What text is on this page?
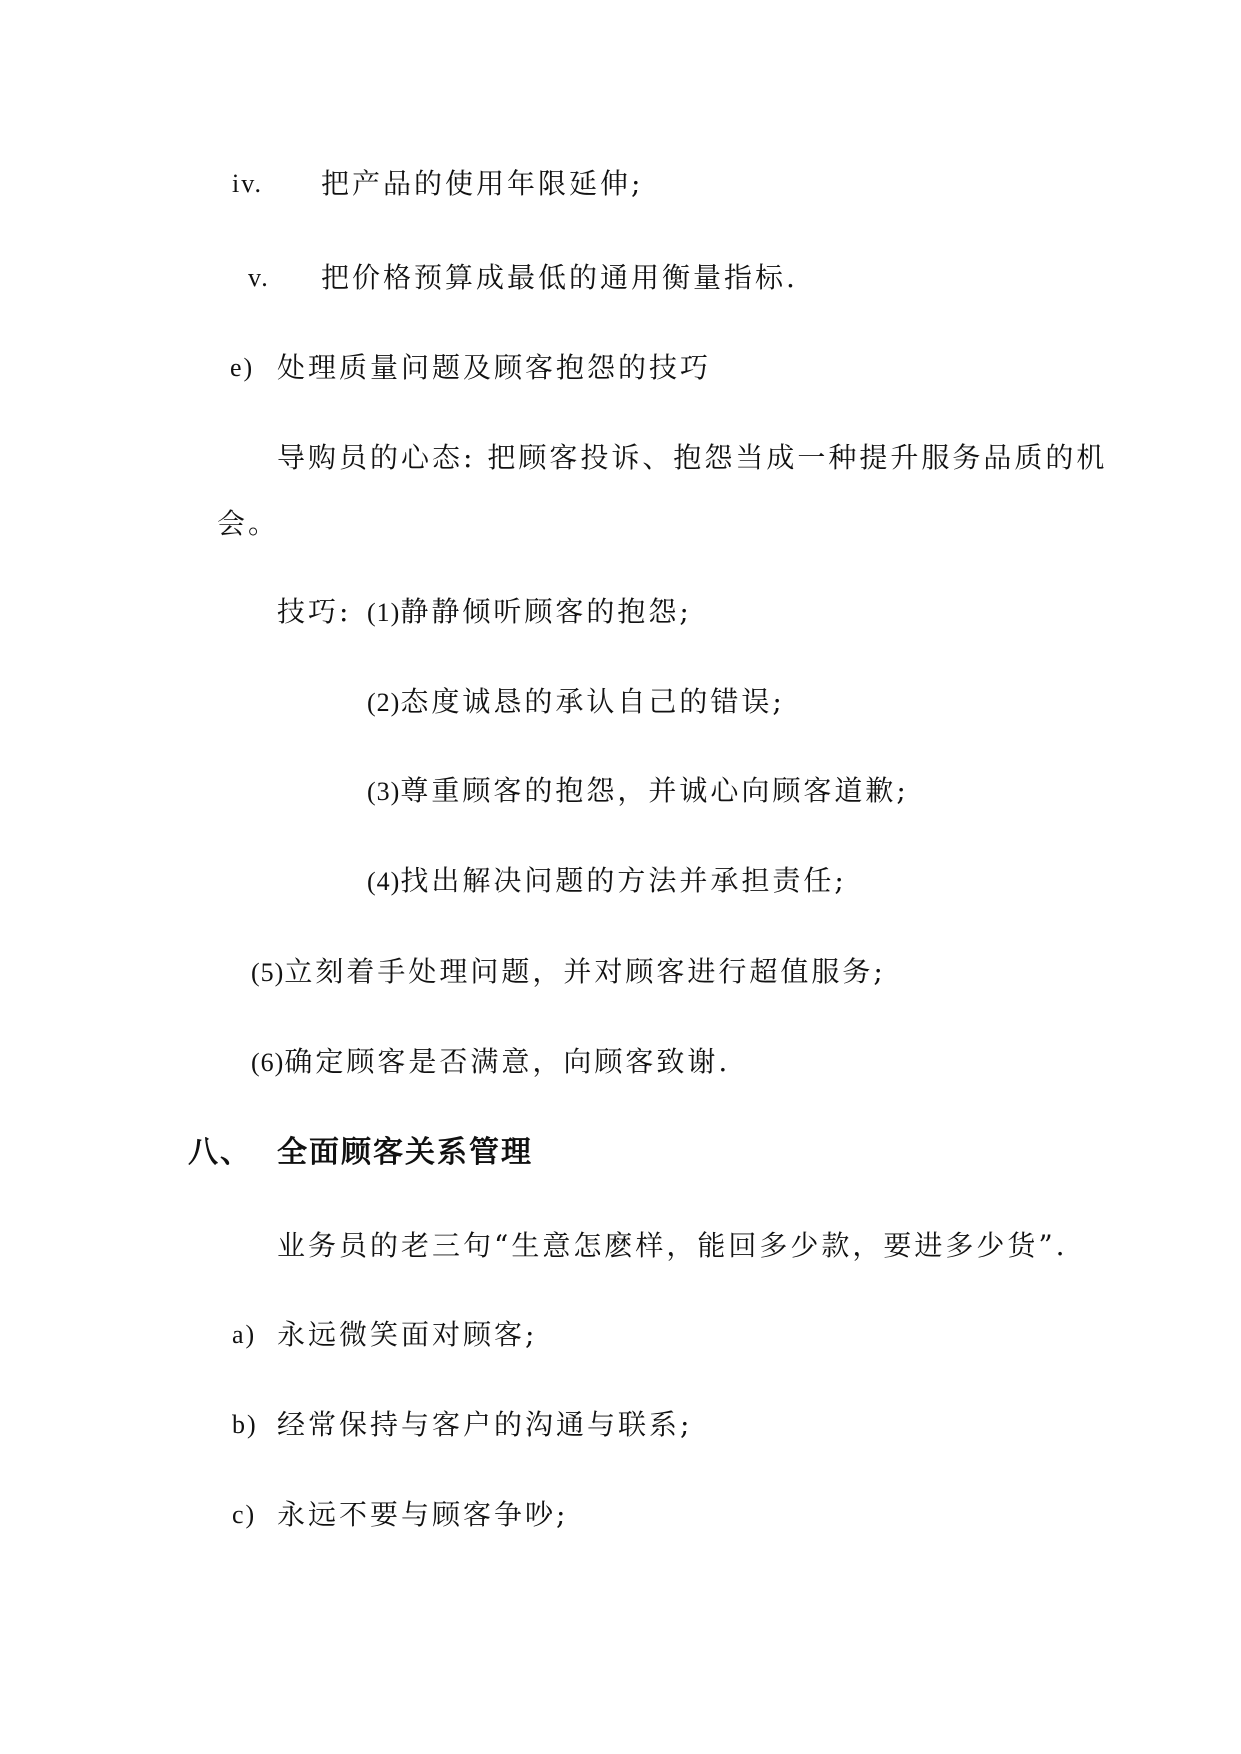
iv. 把产品的使用年限延伸;
v. 把价格预算成最低的通用衡量指标.
e) 处理质量问题及顾客抱怨的技巧
导购员的心态: 把顾客投诉、抱怨当成一种提升服务品质的机
会。
技巧: (1)静静倾听顾客的抱怨;
(2)态度诚恳的承认自己的错误;
(3)尊重顾客的抱怨，并诚心向顾客道歉;
(4)找出解决问题的方法并承担责任;
(5)立刻着手处理问题，并对顾客进行超值服务;
(6)确定顾客是否满意，向顾客致谢.
八、 全面顾客关系管理
业务员的老三句“生意怎麽样，能回多少款，要进多少货”.
a) 永远微笑面对顾客;
b) 经常保持与客户的沟通与联系;
c) 永远不要与顾客争吵;
